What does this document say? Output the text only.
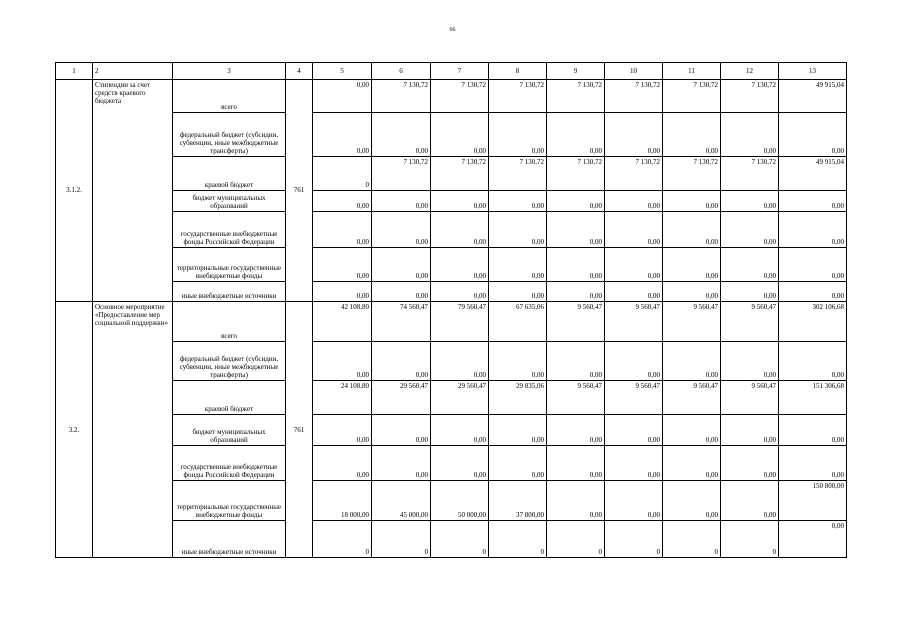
66
1	2	3	4	5	6	7	8	9	10	11	12	13
3.1.2.	Стипендии за счет средств краевого бюджета	всего	761	0,00	7 130,72	7 130,72	7 130,72	7 130,72	7 130,72	7 130,72	7 130,72	49 915,04
		федеральный бюджет (субсидии, субвенции, иные межбюджетные трансферты)		0,00	0,00	0,00	0,00	0,00	0,00	0,00	0,00	0,00
		краевой бюджет		0	7 130,72	7 130,72	7 130,72	7 130,72	7 130,72	7 130,72	7 130,72	49 915,04
		бюджет муниципальных образований		0,00	0,00	0,00	0,00	0,00	0,00	0,00	0,00	0,00
		государственные внебюджетные фонды Российской Федерации		0,00	0,00	0,00	0,00	0,00	0,00	0,00	0,00	0,00
		территориальные государственные внебюджетные фонды		0,00	0,00	0,00	0,00	0,00	0,00	0,00	0,00	0,00
		иные внебюджетные источники		0,00	0,00	0,00	0,00	0,00	0,00	0,00	0,00	0,00
3.2.	Основное мероприятие «Предоставление мер социальной поддержки»	всего	761	42 108,80	74 560,47	79 560,47	67 635,06	9 560,47	9 560,47	9 560,47	9 560,47	302 106,68
		федеральный бюджет (субсидии, субвенции, иные межбюджетные трансферты)		0,00	0,00	0,00	0,00	0,00	0,00	0,00	0,00	0,00
		краевой бюджет		24 108,80	29 560,47	29 560,47	29 835,06	9 560,47	9 560,47	9 560,47	9 560,47	151 306,68
		бюджет муниципальных образований		0,00	0,00	0,00	0,00	0,00	0,00	0,00	0,00	0,00
		государственные внебюджетные фонды Российской Федерации		0,00	0,00	0,00	0,00	0,00	0,00	0,00	0,00	0,00
		территориальные государственные внебюджетные фонды		18 000,00	45 000,00	50 000,00	37 800,00	0,00	0,00	0,00	0,00	150 800,00
		иные внебюджетные источники		0	0	0	0	0	0	0	0	0,00
